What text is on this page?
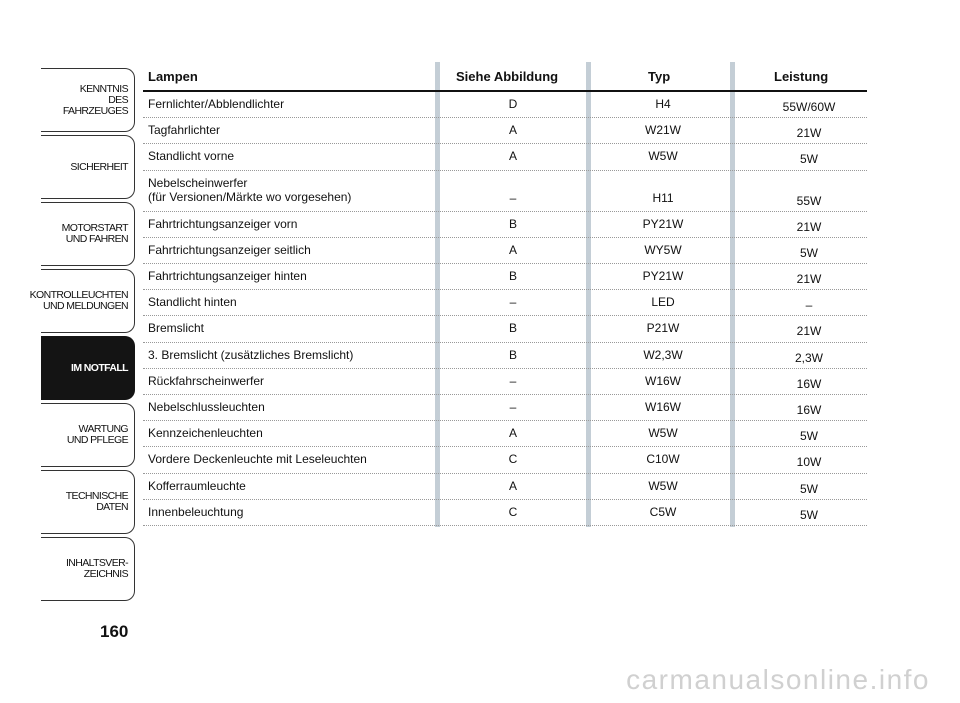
KENNTNIS
DES FAHRZEUGES
SICHERHEIT
MOTORSTART
UND FAHREN
KONTROLLEUCHTEN
UND MELDUNGEN
IM NOTFALL
WARTUNG
UND PFLEGE
TECHNISCHE
DATEN
INHALTSVER-
ZEICHNIS
160
Lampen	Siehe Abbildung	Typ	Leistung
Fernlichter/Abblendlichter	D	H4	55W/60W
Tagfahrlichter	A	W21W	21W
Standlicht vorne	A	W5W	5W
Nebelscheinwerfer
(für Versionen/Märkte wo vorgesehen)	–	H11	55W
Fahrtrichtungsanzeiger vorn	B	PY21W	21W
Fahrtrichtungsanzeiger seitlich	A	WY5W	5W
Fahrtrichtungsanzeiger hinten	B	PY21W	21W
Standlicht hinten	–	LED	–
Bremslicht	B	P21W	21W
3. Bremslicht (zusätzliches Bremslicht)	B	W2,3W	2,3W
Rückfahrscheinwerfer	–	W16W	16W
Nebelschlussleuchten	–	W16W	16W
Kennzeichenleuchten	A	W5W	5W
Vordere Deckenleuchte mit Leseleuchten	C	C10W	10W
Kofferraumleuchte	A	W5W	5W
Innenbeleuchtung	C	C5W	5W
carmanualsonline.info
